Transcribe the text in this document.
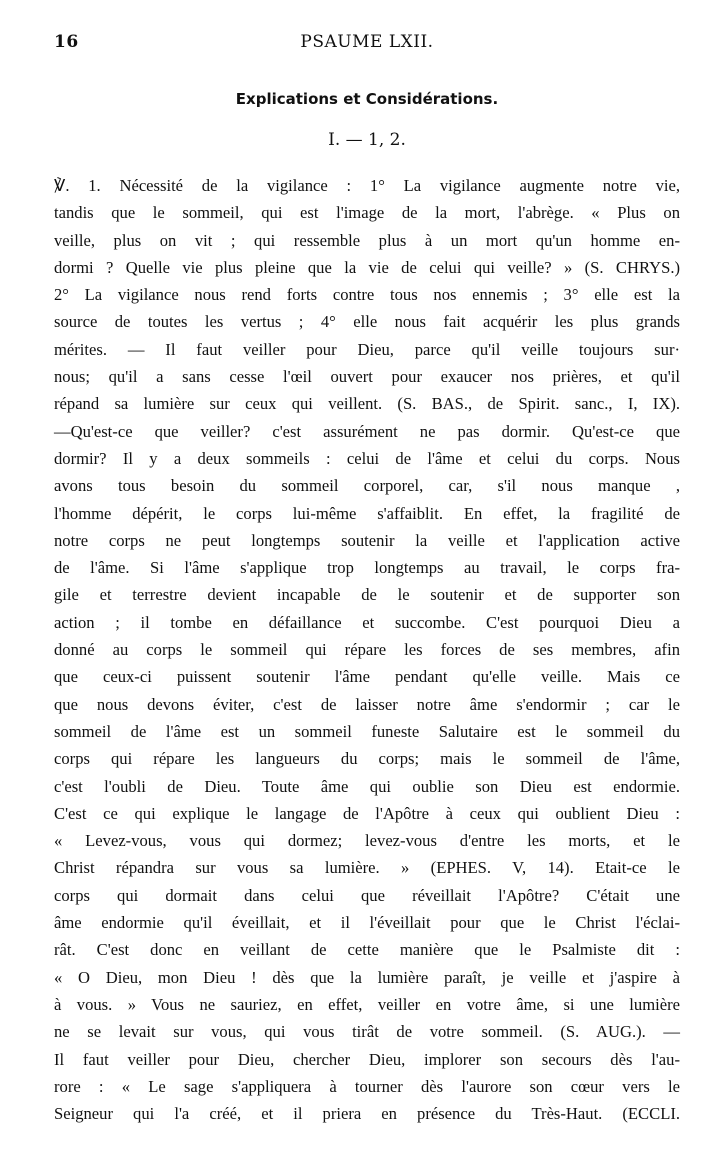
16	PSAUME LXII.
Explications et Considérations.
I. — 1, 2.
℣. 1. Nécessité de la vigilance : 1° La vigilance augmente notre vie,
tandis que le sommeil, qui est l'image de la mort, l'abrège. « Plus on
veille, plus on vit ; qui ressemble plus à un mort qu'un homme en-
dormi ? Quelle vie plus pleine que la vie de celui qui veille? » (S. CHRYS.)
2° La vigilance nous rend forts contre tous nos ennemis ; 3° elle est la
source de toutes les vertus ; 4° elle nous fait acquérir les plus grands
mérites. — Il faut veiller pour Dieu, parce qu'il veille toujours sur·
nous; qu'il a sans cesse l'œil ouvert pour exaucer nos prières, et qu'il
répand sa lumière sur ceux qui veillent. (S. BAS., de Spirit. sanc., I, IX).
—Qu'est-ce que veiller? c'est assurément ne pas dormir. Qu'est-ce que
dormir? Il y a deux sommeils : celui de l'âme et celui du corps. Nous
avons tous besoin du sommeil corporel, car, s'il nous manque ,
l'homme dépérit, le corps lui-même s'affaiblit. En effet, la fragilité de
notre corps ne peut longtemps soutenir la veille et l'application active
de l'âme. Si l'âme s'applique trop longtemps au travail, le corps fra-
gile et terrestre devient incapable de le soutenir et de supporter son
action ; il tombe en défaillance et succombe. C'est pourquoi Dieu a
donné au corps le sommeil qui répare les forces de ses membres, afin
que ceux-ci puissent soutenir l'âme pendant qu'elle veille. Mais ce
que nous devons éviter, c'est de laisser notre âme s'endormir ; car le
sommeil de l'âme est un sommeil funeste Salutaire est le sommeil du
corps qui répare les langueurs du corps; mais le sommeil de l'âme,
c'est l'oubli de Dieu. Toute âme qui oublie son Dieu est endormie.
C'est ce qui explique le langage de l'Apôtre à ceux qui oublient Dieu :
« Levez-vous, vous qui dormez; levez-vous d'entre les morts, et le
Christ répandra sur vous sa lumière. » (EPHES. V, 14). Etait-ce le
corps qui dormait dans celui que réveillait l'Apôtre? C'était une
âme endormie qu'il éveillait, et il l'éveillait pour que le Christ l'éclai-
rât. C'est donc en veillant de cette manière que le Psalmiste dit :
« O Dieu, mon Dieu ! dès que la lumière paraît, je veille et j'aspire à
à vous. » Vous ne sauriez, en effet, veiller en votre âme, si une lumière
ne se levait sur vous, qui vous tirât de votre sommeil. (S. AUG.). —
Il faut veiller pour Dieu, chercher Dieu, implorer son secours dès l'au-
rore : « Le sage s'appliquera à tourner dès l'aurore son cœur vers le
Seigneur qui l'a créé, et il priera en présence du Très-Haut. (ECCLI.
